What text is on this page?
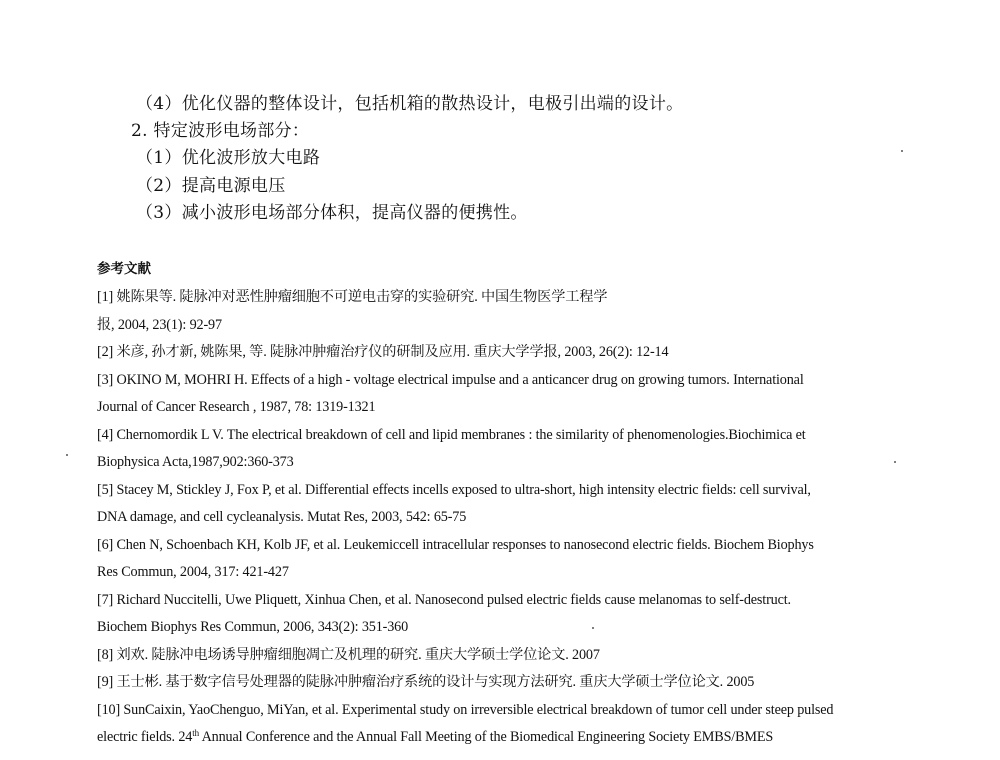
（4）优化仪器的整体设计，包括机箱的散热设计，电极引出端的设计。
2. 特定波形电场部分：
（1）优化波形放大电路
（2）提高电源电压
（3）减小波形电场部分体积，提高仪器的便携性。
参考文献
[1] 姚陈果等. 陡脉冲对恶性肿瘤细胞不可逆电击穿的实验研究. 中国生物医学工程学
报, 2004, 23(1): 92-97
[2] 米彦, 孙才新, 姚陈果, 等. 陡脉冲肿瘤治疗仪的研制及应用. 重庆大学学报, 2003, 26(2): 12-14
[3] OKINO M, MOHRI H. Effects of a high - voltage electrical impulse and a anticancer drug on growing tumors. International
Journal of Cancer Research , 1987, 78: 1319-1321
[4] Chernomordik L V. The electrical breakdown of cell and lipid membranes : the similarity of phenomenologies.Biochimica et
Biophysica Acta,1987,902:360-373
[5] Stacey M, Stickley J, Fox P, et al. Differential effects incells exposed to ultra-short, high intensity electric fields: cell survival,
DNA damage, and cell cycleanalysis. Mutat Res, 2003, 542: 65-75
[6] Chen N, Schoenbach KH, Kolb JF, et al. Leukemiccell intracellular responses to nanosecond electric fields. Biochem Biophys
Res Commun, 2004, 317: 421-427
[7] Richard Nuccitelli, Uwe Pliquett, Xinhua Chen, et al. Nanosecond pulsed electric fields cause melanomas to self-destruct.
Biochem Biophys Res Commun, 2006, 343(2): 351-360
[8] 刘欢. 陡脉冲电场诱导肿瘤细胞凋亡及机理的研究. 重庆大学硕士学位论文. 2007
[9] 王士彬. 基于数字信号处理器的陡脉冲肿瘤治疗系统的设计与实现方法研究. 重庆大学硕士学位论文. 2005
[10] SunCaixin, YaoChenguo, MiYan, et al. Experimental study on irreversible electrical breakdown of tumor cell under steep pulsed
electric fields. 24th Annual Conference and the Annual Fall Meeting of the Biomedical Engineering Society EMBS/BMES
